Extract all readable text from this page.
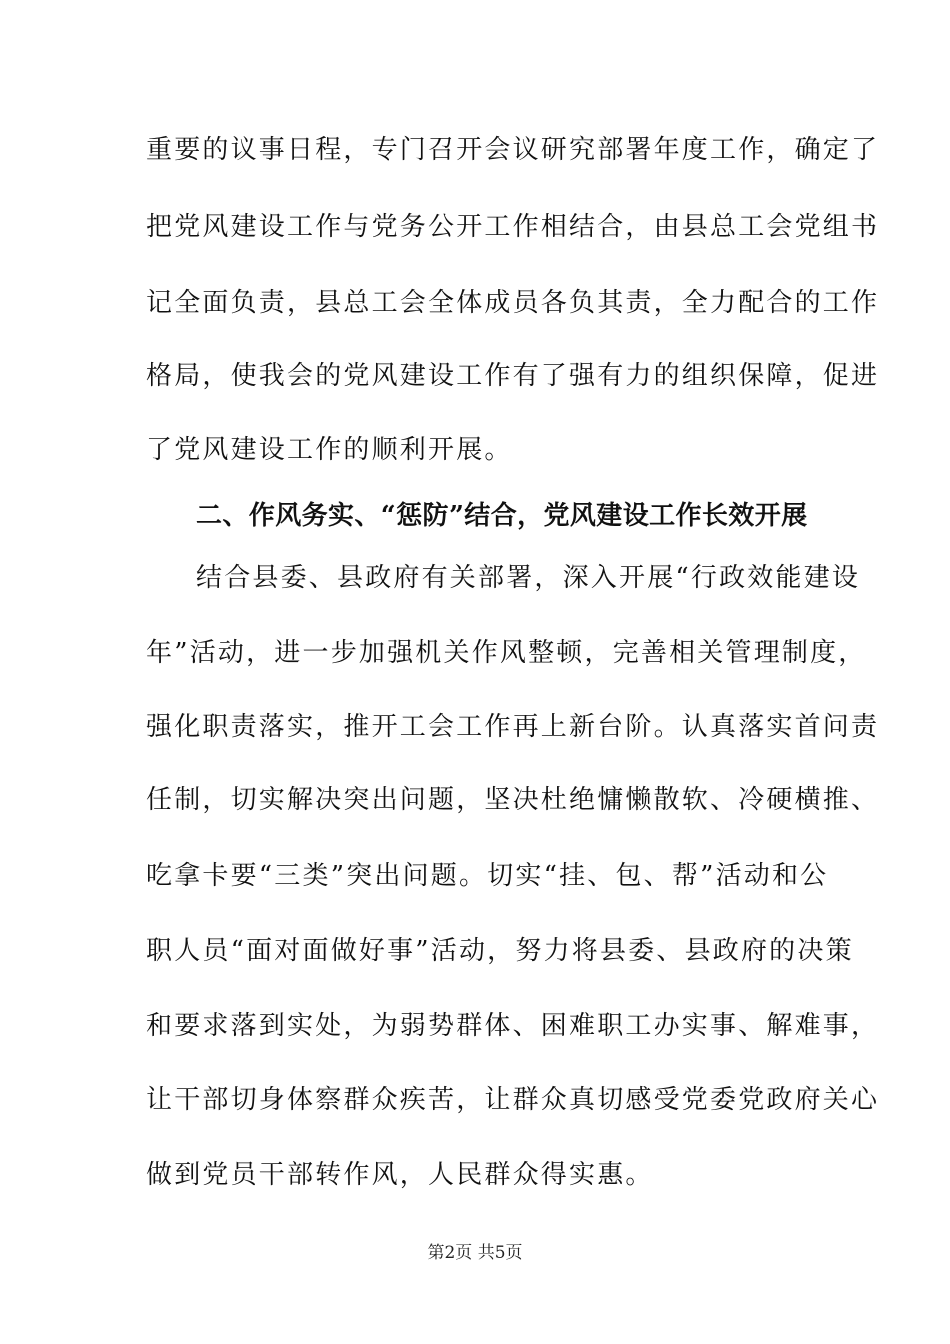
重要的议事日程，专门召开会议研究部署年度工作，确定了
把党风建设工作与党务公开工作相结合，由县总工会党组书
记全面负责，县总工会全体成员各负其责，全力配合的工作
格局，使我会的党风建设工作有了强有力的组织保障，促进
了党风建设工作的顺利开展。
二、作风务实、“惩防”结合，党风建设工作长效开展
结合县委、县政府有关部署，深入开展“行政效能建设
年”活动，进一步加强机关作风整顿，完善相关管理制度，
强化职责落实，推开工会工作再上新台阶。认真落实首问责
任制，切实解决突出问题，坚决杜绝慵懒散软、冷硬横推、
吃拿卡要“三类”突出问题。切实“挂、包、帮”活动和公
职人员“面对面做好事”活动，努力将县委、县政府的决策
和要求落到实处，为弱势群体、困难职工办实事、解难事，
让干部切身体察群众疾苦，让群众真切感受党委党政府关心
做到党员干部转作风，人民群众得实惠。
第2页 共5页
